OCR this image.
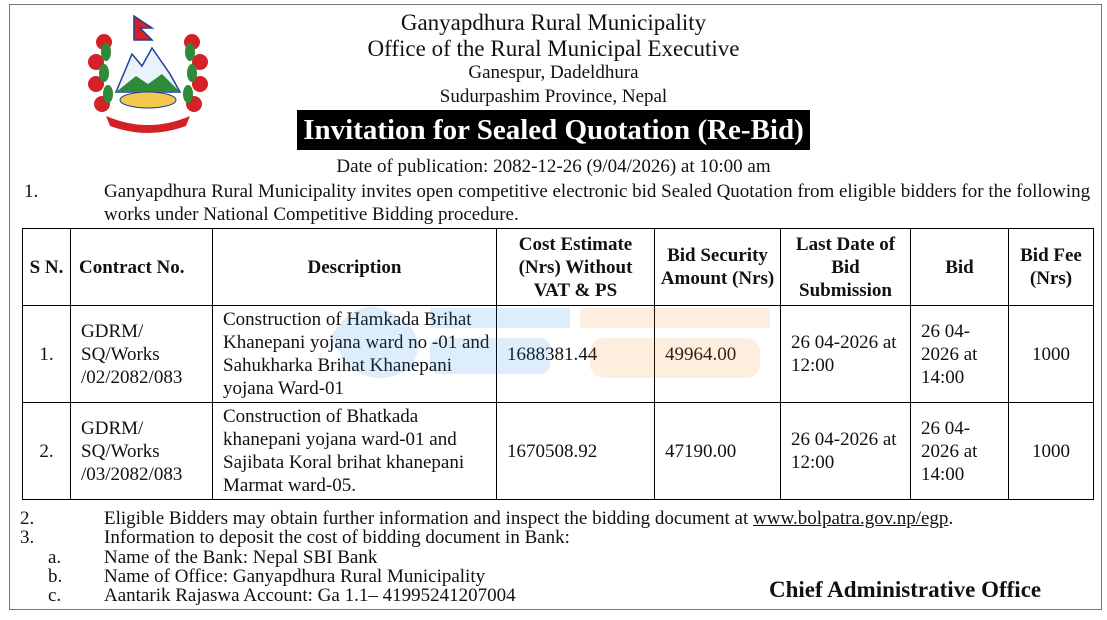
Ganyapdhura Rural Municipality
Office of the Rural Municipal Executive
Ganespur, Dadeldhura
Sudurpashim Province, Nepal
Invitation for Sealed Quotation (Re-Bid)
Date of publication: 2082-12-26 (9/04/2026) at 10:00 am
1.	Ganyapdhura Rural Municipality invites open competitive electronic bid Sealed Quotation from eligible bidders for the following works under National Competitive Bidding procedure.
S N.	Contract No.	Description	Cost Estimate (Nrs) Without VAT & PS	Bid Security Amount (Nrs)	Last Date of Bid Submission	Bid	Bid Fee (Nrs)
1.	GDRM/ SQ/Works /02/2082/083	Construction of Hamkada Brihat Khanepani yojana ward no -01 and Sahukharka Brihat Khanepani yojana Ward-01	1688381.44	49964.00	26 04-2026 at 12:00	26 04-2026 at 14:00	1000
2.	GDRM/ SQ/Works /03/2082/083	Construction of Bhatkada khanepani yojana ward-01 and Sajibata Koral brihat khanepani Marmat ward-05.	1670508.92	47190.00	26 04-2026 at 12:00	26 04-2026 at 14:00	1000
2.	Eligible Bidders may obtain further information and inspect the bidding document at www.bolpatra.gov.np/egp.
3.	Information to deposit the cost of bidding document in Bank:
a. Name of the Bank: Nepal SBI Bank
b. Name of Office: Ganyapdhura Rural Municipality
c. Aantarik Rajaswa Account: Ga 1.1– 41995241207004	Chief Administrative Office
